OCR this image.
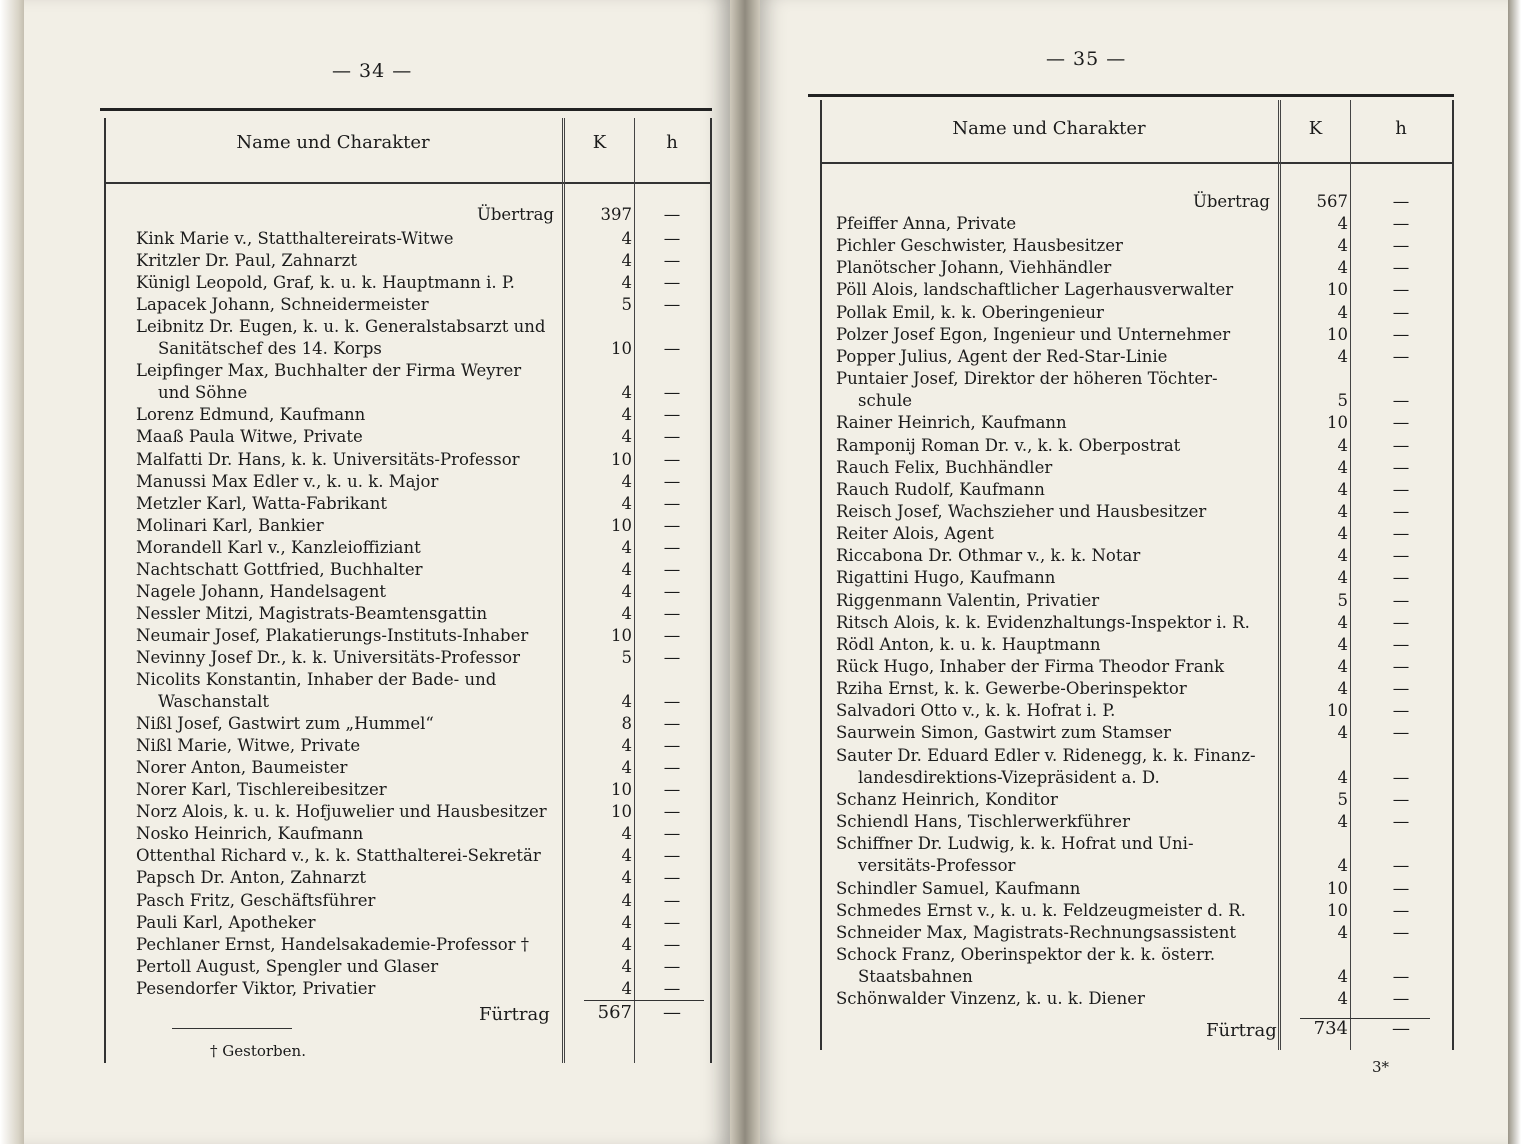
— 34 —
Name und Charakter	K	h
Übertrag	397	—
Kink Marie v., Statthaltereirats-Witwe	4	—
Kritzler Dr. Paul, Zahnarzt	4	—
Künigl Leopold, Graf, k. u. k. Hauptmann i. P.	4	—
Lapacek Johann, Schneidermeister	5	—
Leibnitz Dr. Eugen, k. u. k. Generalstabsarzt und
Sanitätschef des 14. Korps	10	—
Leipfinger Max, Buchhalter der Firma Weyrer
und Söhne	4	—
Lorenz Edmund, Kaufmann	4	—
Maaß Paula Witwe, Private	4	—
Malfatti Dr. Hans, k. k. Universitäts-Professor	10	—
Manussi Max Edler v., k. u. k. Major	4	—
Metzler Karl, Watta-Fabrikant	4	—
Molinari Karl, Bankier	10	—
Morandell Karl v., Kanzleioffiziant	4	—
Nachtschatt Gottfried, Buchhalter	4	—
Nagele Johann, Handelsagent	4	—
Nessler Mitzi, Magistrats-Beamtensgattin	4	—
Neumair Josef, Plakatierungs-Instituts-Inhaber	10	—
Nevinny Josef Dr., k. k. Universitäts-Professor	5	—
Nicolits Konstantin, Inhaber der Bade- und
Waschanstalt	4	—
Nißl Josef, Gastwirt zum „Hummel“	8	—
Nißl Marie, Witwe, Private	4	—
Norer Anton, Baumeister	4	—
Norer Karl, Tischlereibesitzer	10	—
Norz Alois, k. u. k. Hofjuwelier und Hausbesitzer	10	—
Nosko Heinrich, Kaufmann	4	—
Ottenthal Richard v., k. k. Statthalterei-Sekretär	4	—
Papsch Dr. Anton, Zahnarzt	4	—
Pasch Fritz, Geschäftsführer	4	—
Pauli Karl, Apotheker	4	—
Pechlaner Ernst, Handelsakademie-Professor †	4	—
Pertoll August, Spengler und Glaser	4	—
Pesendorfer Viktor, Privatier	4	—
Fürtrag	567	—
† Gestorben.
— 35 —
Name und Charakter	K	h
Übertrag	567	—
Pfeiffer Anna, Private	4	—
Pichler Geschwister, Hausbesitzer	4	—
Planötscher Johann, Viehhändler	4	—
Pöll Alois, landschaftlicher Lagerhausverwalter	10	—
Pollak Emil, k. k. Oberingenieur	4	—
Polzer Josef Egon, Ingenieur und Unternehmer	10	—
Popper Julius, Agent der Red-Star-Linie	4	—
Puntaier Josef, Direktor der höheren Töchter-
schule	5	—
Rainer Heinrich, Kaufmann	10	—
Ramponij Roman Dr. v., k. k. Oberpostrat	4	—
Rauch Felix, Buchhändler	4	—
Rauch Rudolf, Kaufmann	4	—
Reisch Josef, Wachszieher und Hausbesitzer	4	—
Reiter Alois, Agent	4	—
Riccabona Dr. Othmar v., k. k. Notar	4	—
Rigattini Hugo, Kaufmann	4	—
Riggenmann Valentin, Privatier	5	—
Ritsch Alois, k. k. Evidenzhaltungs-Inspektor i. R.	4	—
Rödl Anton, k. u. k. Hauptmann	4	—
Rück Hugo, Inhaber der Firma Theodor Frank	4	—
Rziha Ernst, k. k. Gewerbe-Oberinspektor	4	—
Salvadori Otto v., k. k. Hofrat i. P.	10	—
Saurwein Simon, Gastwirt zum Stamser	4	—
Sauter Dr. Eduard Edler v. Ridenegg, k. k. Finanz-
landesdirektions-Vizepräsident a. D.	4	—
Schanz Heinrich, Konditor	5	—
Schiendl Hans, Tischlerwerkführer	4	—
Schiffner Dr. Ludwig, k. k. Hofrat und Uni-
versitäts-Professor	4	—
Schindler Samuel, Kaufmann	10	—
Schmedes Ernst v., k. u. k. Feldzeugmeister d. R.	10	—
Schneider Max, Magistrats-Rechnungsassistent	4	—
Schock Franz, Oberinspektor der k. k. österr.
Staatsbahnen	4	—
Schönwalder Vinzenz, k. u. k. Diener	4	—
Fürtrag	734	—
3*
